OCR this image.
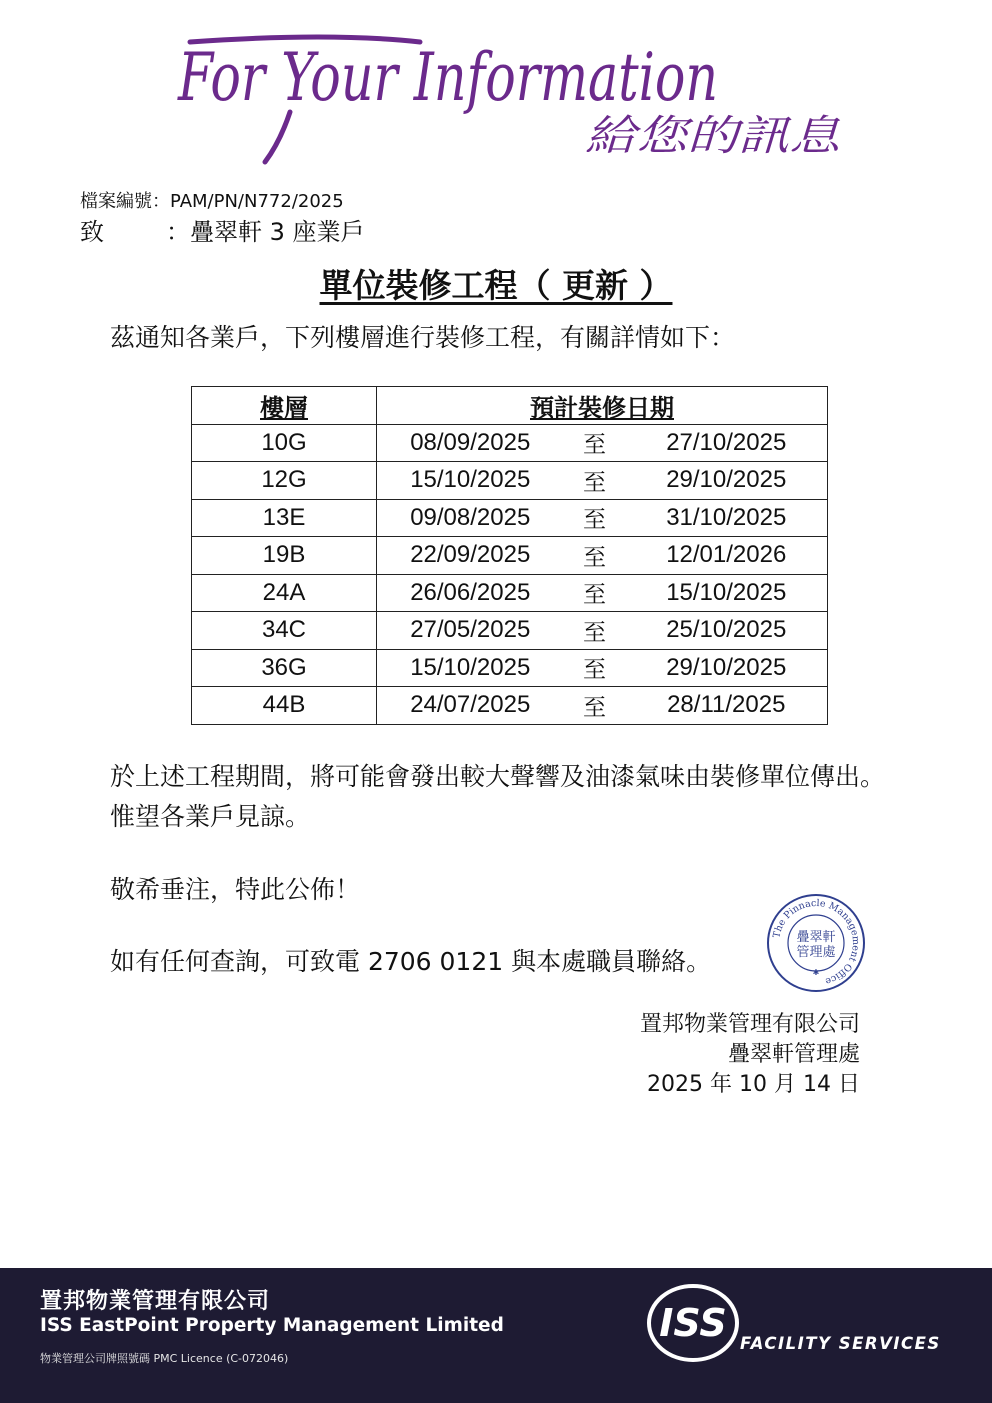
For Your Information
給您的訊息
檔案編號：PAM/PN/N772/2025
致	：疊翠軒 3 座業戶
單位裝修工程（ 更新 ）
茲通知各業戶，下列樓層進行裝修工程，有關詳情如下：
樓層	預計裝修日期		
10G	08/09/2025	至	27/10/2025
12G	15/10/2025	至	29/10/2025
13E	09/08/2025	至	31/10/2025
19B	22/09/2025	至	12/01/2026
24A	26/06/2025	至	15/10/2025
34C	27/05/2025	至	25/10/2025
36G	15/10/2025	至	29/10/2025
44B	24/07/2025	至	28/11/2025
於上述工程期間，將可能會發出較大聲響及油漆氣味由裝修單位傳出。惟望各業戶見諒。
敬希垂注，特此公佈！
如有任何查詢，可致電 2706 0121 與本處職員聯絡。
The Pinnacle Management Office
疊翠軒
管理處
✱
置邦物業管理有限公司
疊翠軒管理處
2025 年 10 月 14 日
置邦物業管理有限公司
ISS EastPoint Property Management Limited
物業管理公司牌照號碼 PMC Licence (C-072046)
ISS FACILITY SERVICES
